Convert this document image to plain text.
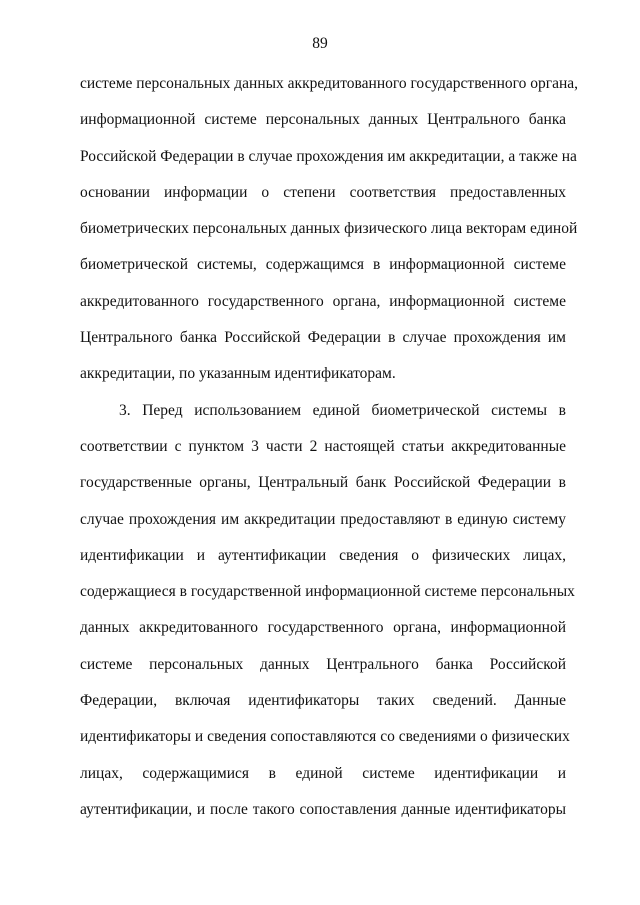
89
системе персональных данных аккредитованного государственного органа,
информационной системе персональных данных Центрального банка
Российской Федерации в случае прохождения им аккредитации, а также на
основании информации о степени соответствия предоставленных
биометрических персональных данных физического лица векторам единой
биометрической системы, содержащимся в информационной системе
аккредитованного государственного органа, информационной системе
Центрального банка Российской Федерации в случае прохождения им
аккредитации, по указанным идентификаторам.
3. Перед использованием единой биометрической системы в
соответствии с пунктом 3 части 2 настоящей статьи аккредитованные
государственные органы, Центральный банк Российской Федерации в
случае прохождения им аккредитации предоставляют в единую систему
идентификации и аутентификации сведения о физических лицах,
содержащиеся в государственной информационной системе персональных
данных аккредитованного государственного органа, информационной
системе персональных данных Центрального банка Российской
Федерации, включая идентификаторы таких сведений. Данные
идентификаторы и сведения сопоставляются со сведениями о физических
лицах, содержащимися в единой системе идентификации и
аутентификации, и после такого сопоставления данные идентификаторы
